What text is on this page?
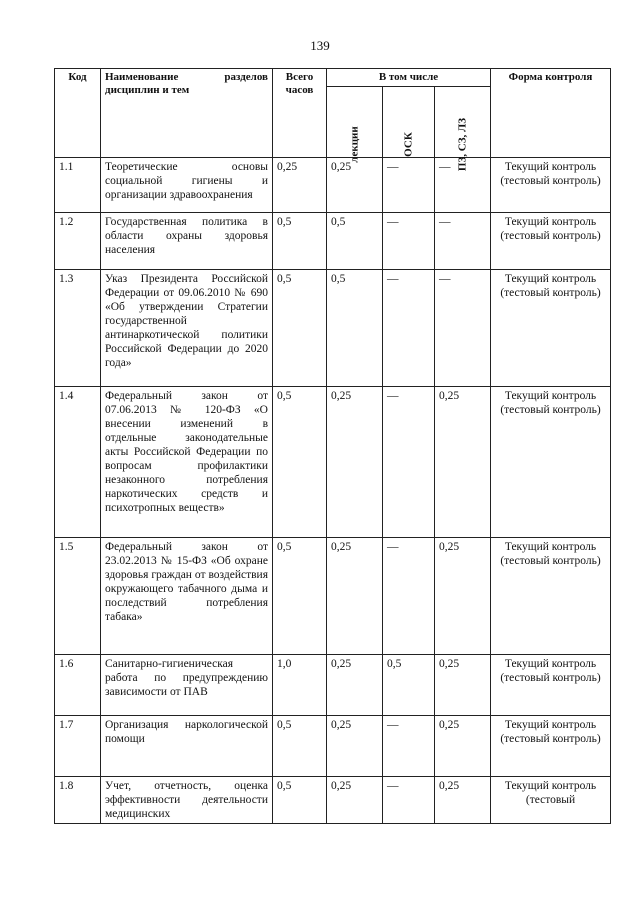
139
Код	Наименование разделов дисциплин и тем	Всего часов	В том числе			Форма контроля

			лекции	ОСК	ПЗ, СЗ, ЛЗ	

1.1	Теоретические основы социальной гигиены и организации здравоохранения	0,25	0,25	—	—	Текущий контроль (тестовый контроль)
1.2	Государственная политика в области охраны здоровья населения	0,5	0,5	—	—	Текущий контроль (тестовый контроль)
1.3	Указ Президента Российской Федерации от 09.06.2010 № 690 «Об утверждении Стратегии государственной антинаркотической политики Российской Федерации до 2020 года»	0,5	0,5	—	—	Текущий контроль (тестовый контроль)
1.4	Федеральный закон от 07.06.2013 № 120-ФЗ «О внесении изменений в отдельные законодательные акты Российской Федерации по вопросам профилактики незаконного потребления наркотических средств и психотропных веществ»	0,5	0,25	—	0,25	Текущий контроль (тестовый контроль)
1.5	Федеральный закон от 23.02.2013 № 15-ФЗ «Об охране здоровья граждан от воздействия окружающего табачного дыма и последствий потребления табака»	0,5	0,25	—	0,25	Текущий контроль (тестовый контроль)
1.6	Санитарно-гигиеническая работа по предупреждению зависимости от ПАВ	1,0	0,25	0,5	0,25	Текущий контроль (тестовый контроль)
1.7	Организация наркологической помощи	0,5	0,25	—	0,25	Текущий контроль (тестовый контроль)
1.8	Учет, отчетность, оценка эффективности деятельности медицинских	0,5	0,25	—	0,25	Текущий контроль (тестовый
